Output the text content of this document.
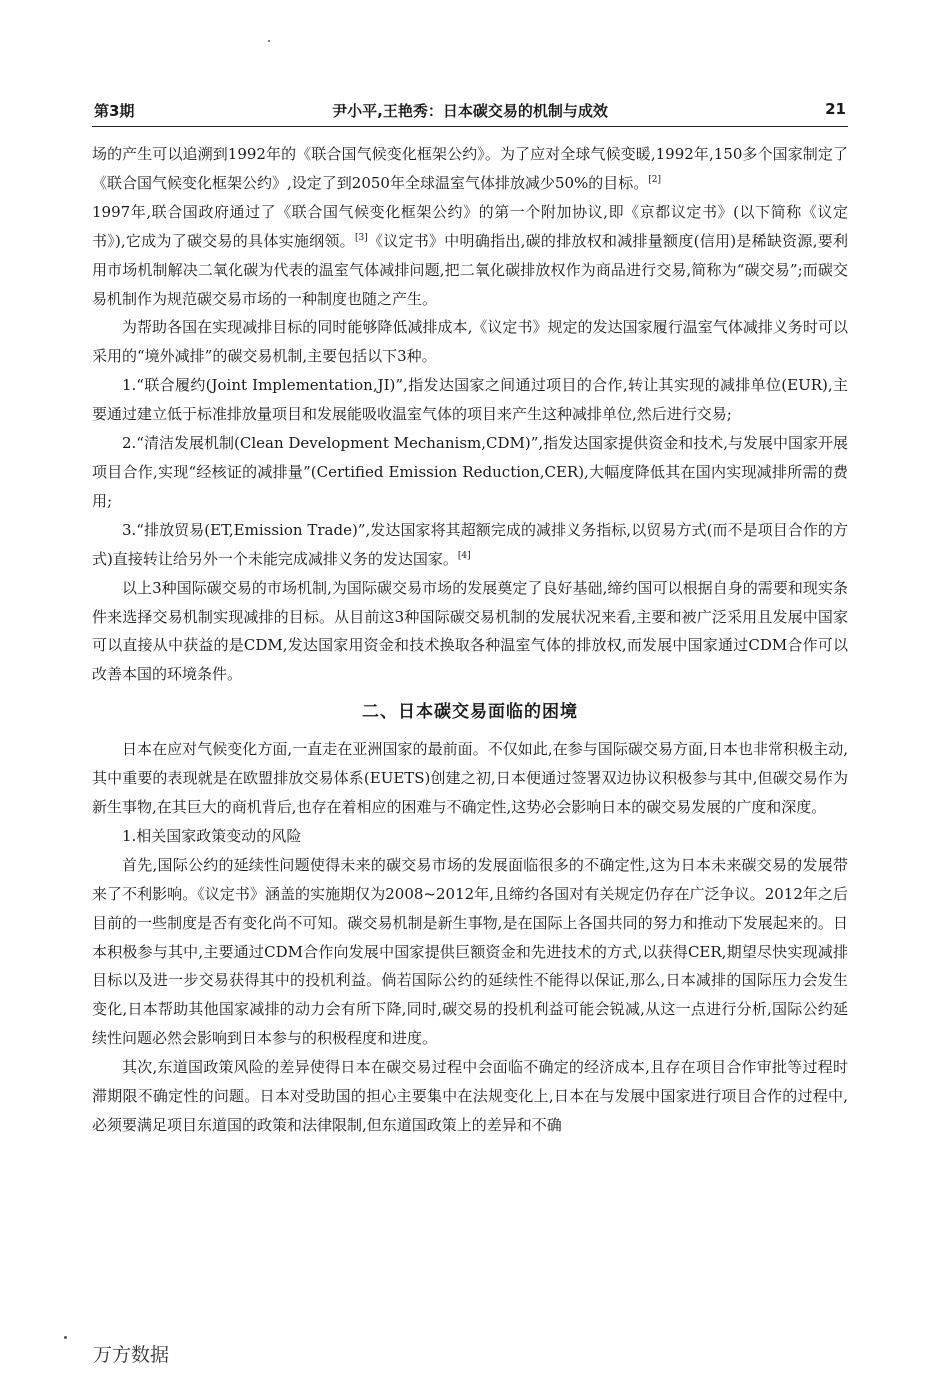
第3期	尹小平,王艳秀：日本碳交易的机制与成效	21

场的产生可以追溯到1992年的《联合国气候变化框架公约》。为了应对全球气候变暖,1992年,150多个国家制定了《联合国气候变化框架公约》,设定了到2050年全球温室气体排放减少50%的目标。[2]
1997年,联合国政府通过了《联合国气候变化框架公约》的第一个附加协议,即《京都议定书》(以下简称《议定书》),它成为了碳交易的具体实施纲领。[3]《议定书》中明确指出,碳的排放权和减排量额度(信用)是稀缺资源,要利用市场机制解决二氧化碳为代表的温室气体减排问题,把二氧化碳排放权作为商品进行交易,简称为“碳交易”;而碳交易机制作为规范碳交易市场的一种制度也随之产生。

为帮助各国在实现减排目标的同时能够降低减排成本,《议定书》规定的发达国家履行温室气体减排义务时可以采用的“境外减排”的碳交易机制,主要包括以下3种。

1.“联合履约(Joint Implementation,JI)”,指发达国家之间通过项目的合作,转让其实现的减排单位(EUR),主要通过建立低于标准排放量项目和发展能吸收温室气体的项目来产生这种减排单位,然后进行交易;

2.“清洁发展机制(Clean Development Mechanism,CDM)”,指发达国家提供资金和技术,与发展中国家开展项目合作,实现“经核证的减排量”(Certified Emission Reduction,CER),大幅度降低其在国内实现减排所需的费用;

3.“排放贸易(ET,Emission Trade)”,发达国家将其超额完成的减排义务指标,以贸易方式(而不是项目合作的方式)直接转让给另外一个未能完成减排义务的发达国家。[4]

以上3种国际碳交易的市场机制,为国际碳交易市场的发展奠定了良好基础,缔约国可以根据自身的需要和现实条件来选择交易机制实现减排的目标。从目前这3种国际碳交易机制的发展状况来看,主要和被广泛采用且发展中国家可以直接从中获益的是CDM,发达国家用资金和技术换取各种温室气体的排放权,而发展中国家通过CDM合作可以改善本国的环境条件。

二、日本碳交易面临的困境

日本在应对气候变化方面,一直走在亚洲国家的最前面。不仅如此,在参与国际碳交易方面,日本也非常积极主动,其中重要的表现就是在欧盟排放交易体系(EUETS)创建之初,日本便通过签署双边协议积极参与其中,但碳交易作为新生事物,在其巨大的商机背后,也存在着相应的困难与不确定性,这势必会影响日本的碳交易发展的广度和深度。

1.相关国家政策变动的风险

首先,国际公约的延续性问题使得未来的碳交易市场的发展面临很多的不确定性,这为日本未来碳交易的发展带来了不利影响。《议定书》涵盖的实施期仅为2008~2012年,且缔约各国对有关规定仍存在广泛争议。2012年之后目前的一些制度是否有变化尚不可知。碳交易机制是新生事物,是在国际上各国共同的努力和推动下发展起来的。日本积极参与其中,主要通过CDM合作向发展中国家提供巨额资金和先进技术的方式,以获得CER,期望尽快实现减排目标以及进一步交易获得其中的投机利益。倘若国际公约的延续性不能得以保证,那么,日本减排的国际压力会发生变化,日本帮助其他国家减排的动力会有所下降,同时,碳交易的投机利益可能会锐减,从这一点进行分析,国际公约延续性问题必然会影响到日本参与的积极程度和进度。

其次,东道国政策风险的差异使得日本在碳交易过程中会面临不确定的经济成本,且存在项目合作审批等过程时滞期限不确定性的问题。日本对受助国的担心主要集中在法规变化上,日本在与发展中国家进行项目合作的过程中,必须要满足项目东道国的政策和法律限制,但东道国政策上的差异和不确

万方数据
